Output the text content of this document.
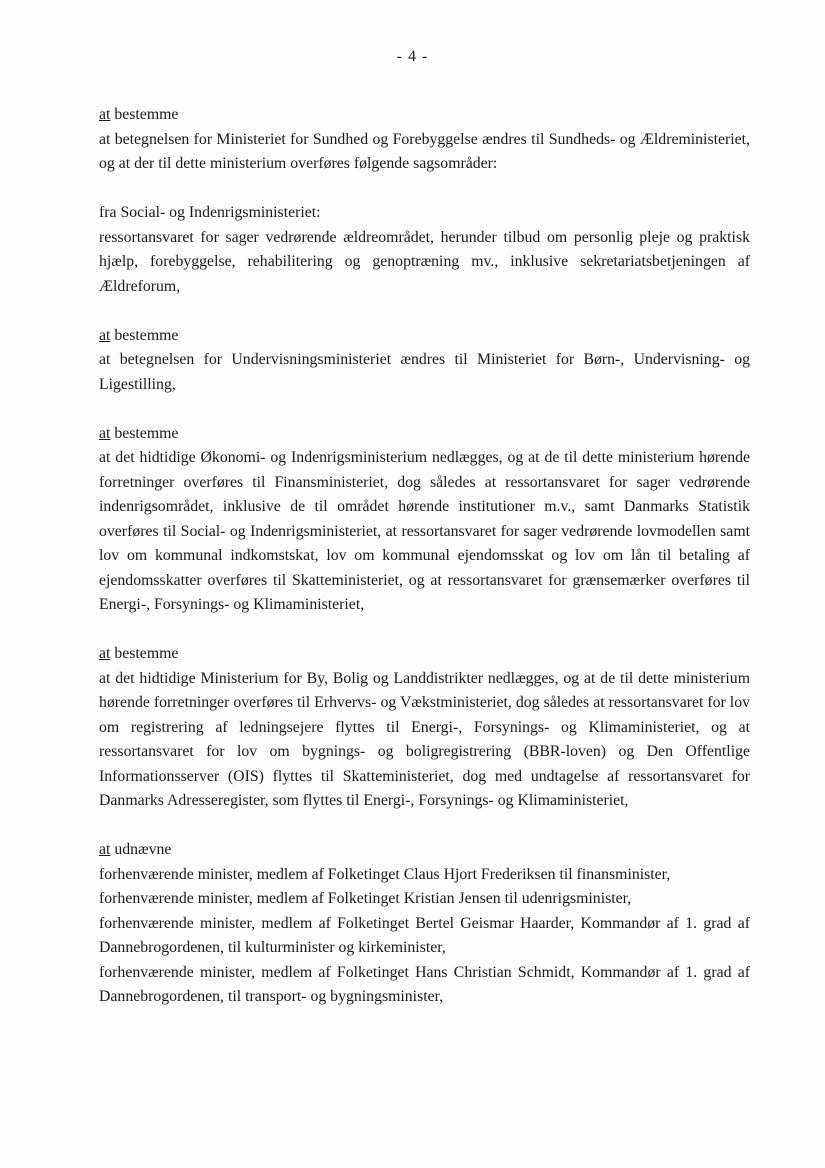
- 4 -
at bestemme
at betegnelsen for Ministeriet for Sundhed og Forebyggelse ændres til Sundheds- og Ældreministeriet, og at der til dette ministerium overføres følgende sagsområder:
fra Social- og Indenrigsministeriet:
ressortansvaret for sager vedrørende ældreområdet, herunder tilbud om personlig pleje og praktisk hjælp, forebyggelse, rehabilitering og genoptræning mv., inklusive sekretariatsbetjeningen af Ældreforum,
at bestemme
at betegnelsen for Undervisningsministeriet ændres til Ministeriet for Børn-, Undervisning- og Ligestilling,
at bestemme
at det hidtidige Økonomi- og Indenrigsministerium nedlægges, og at de til dette ministerium hørende forretninger overføres til Finansministeriet, dog således at ressortansvaret for sager vedrørende indenrigsområdet, inklusive de til området hørende institutioner m.v., samt Danmarks Statistik overføres til Social- og Indenrigsministeriet, at ressortansvaret for sager vedrørende lovmodellen samt lov om kommunal indkomstskat, lov om kommunal ejendomsskat og lov om lån til betaling af ejendomsskatter overføres til Skatteministeriet, og at ressortansvaret for grænsemærker overføres til Energi-, Forsynings- og Klimaministeriet,
at bestemme
at det hidtidige Ministerium for By, Bolig og Landdistrikter nedlægges, og at de til dette ministerium hørende forretninger overføres til Erhvervs- og Vækstministeriet, dog således at ressortansvaret for lov om registrering af ledningsejere flyttes til Energi-, Forsynings- og Klimaministeriet, og at ressortansvaret for lov om bygnings- og boligregistrering (BBR-loven) og Den Offentlige Informationsserver (OIS) flyttes til Skatteministeriet, dog med undtagelse af ressortansvaret for Danmarks Adresseregister, som flyttes til Energi-, Forsynings- og Klimaministeriet,
at udnævne
forhenværende minister, medlem af Folketinget Claus Hjort Frederiksen til finansminister,
forhenværende minister, medlem af Folketinget Kristian Jensen til udenrigsminister,
forhenværende minister, medlem af Folketinget Bertel Geismar Haarder, Kommandør af 1. grad af Dannebrogordenen, til kulturminister og kirkeminister,
forhenværende minister, medlem af Folketinget Hans Christian Schmidt, Kommandør af 1. grad af Dannebrogordenen, til transport- og bygningsminister,
